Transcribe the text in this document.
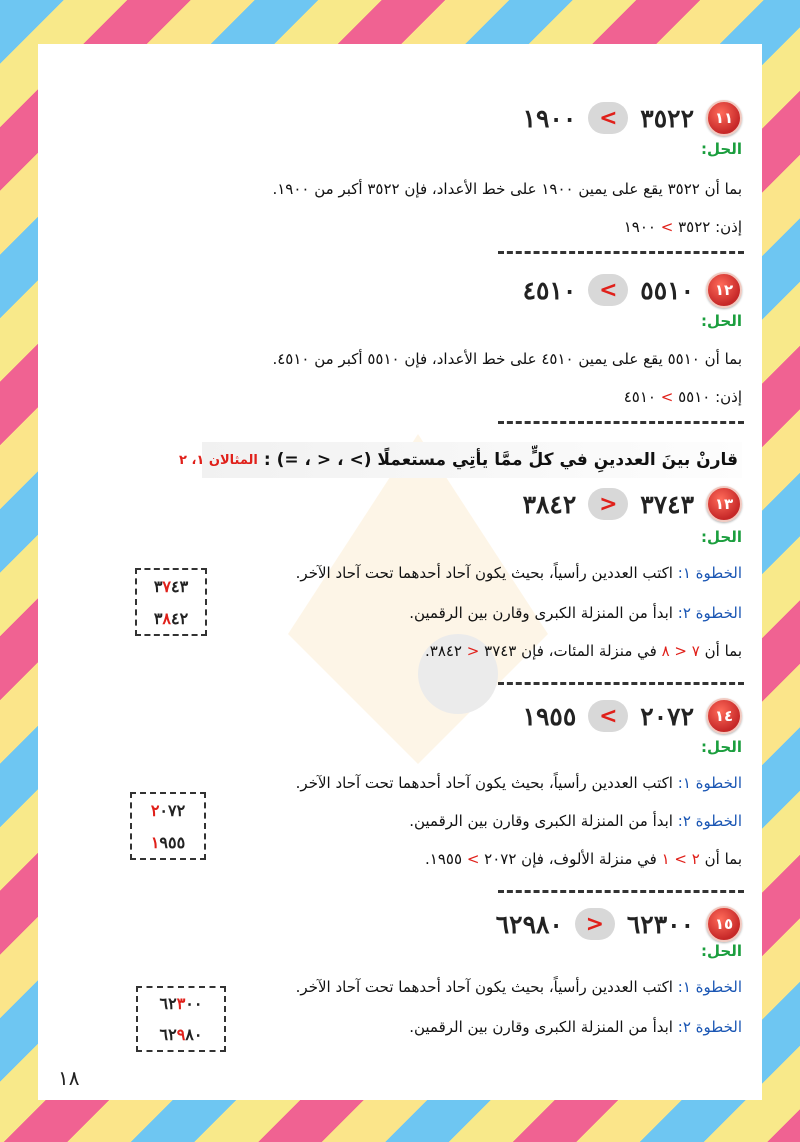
١١
٣٥٢٢
>
١٩٠٠
الحل:
بما أن ٣٥٢٢ يقع على يمين ١٩٠٠ على خط الأعداد، فإن ٣٥٢٢ أكبر من ١٩٠٠.
إذن: ٣٥٢٢ > ١٩٠٠
١٢
٥٥١٠
>
٤٥١٠
الحل:
بما أن ٥٥١٠ يقع على يمين ٤٥١٠ على خط الأعداد، فإن ٥٥١٠ أكبر من ٤٥١٠.
إذن: ٥٥١٠ > ٤٥١٠
قارنْ بينَ العددينِ في كلٍّ ممَّا يأتِي مستعملًا (> ، < ، =) :
المثالان ١، ٢
١٣
٣٧٤٣
<
٣٨٤٢
الحل:
الخطوة ١: اكتب العددين رأسياً، بحيث يكون آحاد أحدهما تحت آحاد الآخر.
الخطوة ٢: ابدأ من المنزلة الكبرى وقارن بين الرقمين.
بما أن ٧ < ٨ في منزلة المئات، فإن ٣٧٤٣ < ٣٨٤٢.
٣٧٤٣
٣٨٤٢
١٤
٢٠٧٢
>
١٩٥٥
الحل:
الخطوة ١: اكتب العددين رأسياً، بحيث يكون آحاد أحدهما تحت آحاد الآخر.
الخطوة ٢: ابدأ من المنزلة الكبرى وقارن بين الرقمين.
بما أن ٢ > ١ في منزلة الألوف، فإن ٢٠٧٢ > ١٩٥٥.
٢٠٧٢
١٩٥٥
١٥
٦٢٣٠٠
<
٦٢٩٨٠
الحل:
الخطوة ١: اكتب العددين رأسياً، بحيث يكون آحاد أحدهما تحت آحاد الآخر.
الخطوة ٢: ابدأ من المنزلة الكبرى وقارن بين الرقمين.
٦٢٣٠٠
٦٢٩٨٠
١٨
